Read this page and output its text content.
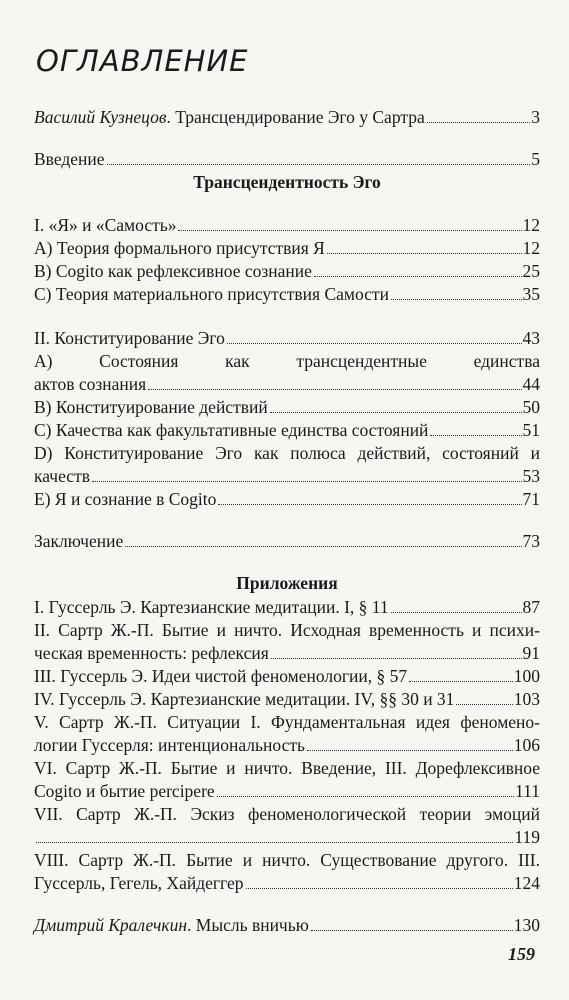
ОГЛАВЛЕНИЕ
Василий Кузнецов. Трансцендирование Эго у Сартра	3
Введение	5
Трансцендентность Эго
I. «Я» и «Самость»	12
A) Теория формального присутствия Я	12
B) Cogito как рефлексивное сознание	25
C) Теория материального присутствия Самости	35
II. Конституирование Эго	43
A) Состояния как трансцендентные единства
актов сознания	44
B) Конституирование действий	50
C) Качества как факультативные единства состояний	51
D) Конституирование Эго как полюса действий, состояний и
качеств	53
E) Я и сознание в Cogito	71
Заключение	73
Приложения
I. Гуссерль Э. Картезианские медитации. I, § 11	87
II. Сартр Ж.-П. Бытие и ничто. Исходная временность и психи-
ческая временность: рефлексия	91
III. Гуссерль Э. Идеи чистой феноменологии, § 57	100
IV. Гуссерль Э. Картезианские медитации. IV, §§ 30 и 31	103
V. Сартр Ж.-П. Ситуации I. Фундаментальная идея феномено-
логии Гуссерля: интенциональность	106
VI. Сартр Ж.-П. Бытие и ничто. Введение, III. Дорефлексивное
Cogito и бытие percipere	111
VII. Сартр Ж.-П. Эскиз феноменологической теории эмоций
119
VIII. Сартр Ж.-П. Бытие и ничто. Существование другого. III.
Гуссерль, Гегель, Хайдеггер	124
Дмитрий Кралечкин. Мысль вничью	130
159
